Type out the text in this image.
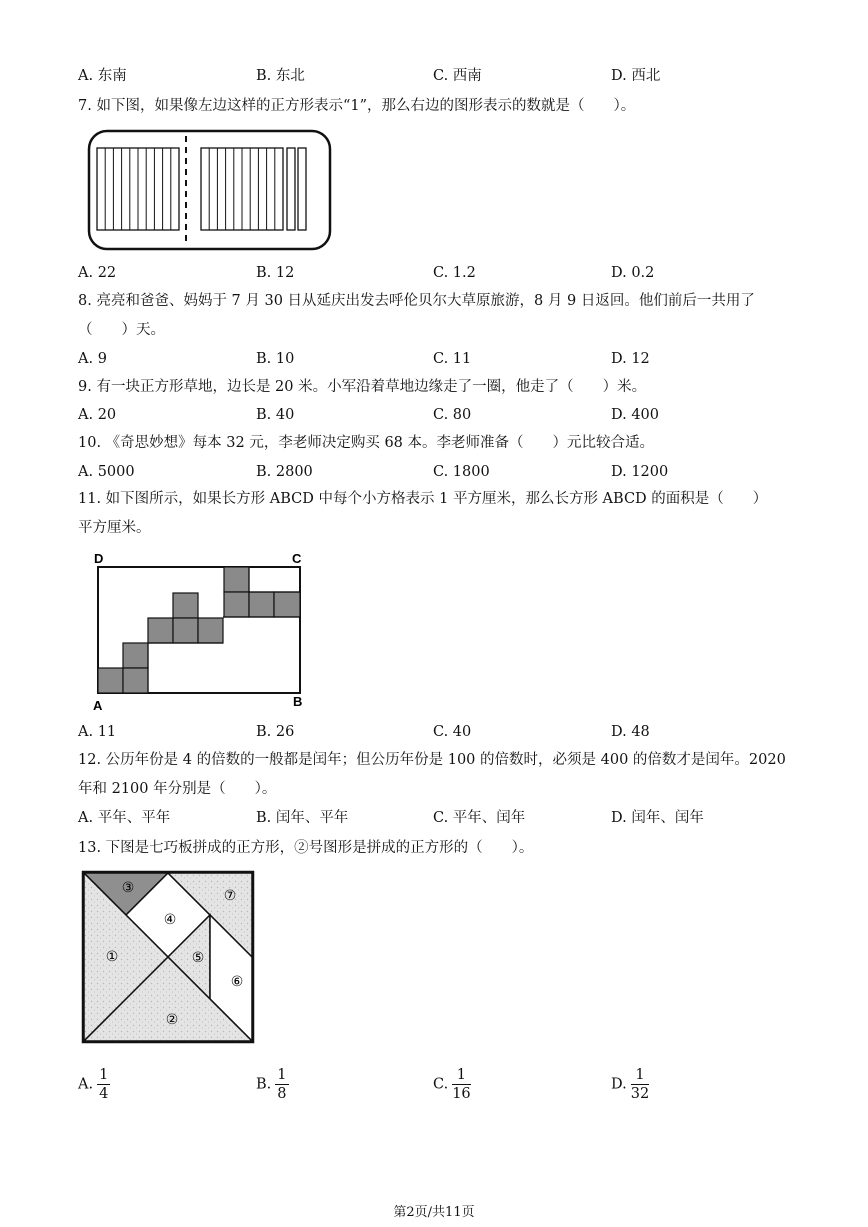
A. 东南	B. 东北	C. 西南	D. 西北
7. 如下图，如果像左边这样的正方形表示“1”，那么右边的图形表示的数就是（　　）。
A. 22	B. 12	C. 1.2	D. 0.2
8. 亮亮和爸爸、妈妈于 7 月 30 日从延庆出发去呼伦贝尔大草原旅游，8 月 9 日返回。他们前后一共用了
（　　）天。
A. 9	B. 10	C. 11	D. 12
9. 有一块正方形草地，边长是 20 米。小军沿着草地边缘走了一圈，他走了（　　）米。
A. 20	B. 40	C. 80	D. 400
10. 《奇思妙想》每本 32 元，李老师决定购买 68 本。李老师准备（　　）元比较合适。
A. 5000	B. 2800	C. 1800	D. 1200
11. 如下图所示，如果长方形 ABCD 中每个小方格表示 1 平方厘米，那么长方形 ABCD 的面积是（　　）
平方厘米。
D	C
A	B
A. 11	B. 26	C. 40	D. 48
12. 公历年份是 4 的倍数的一般都是闰年；但公历年份是 100 的倍数时，必须是 400 的倍数才是闰年。2020
年和 2100 年分别是（　　）。
A. 平年、平年	B. 闰年、平年	C. 平年、闰年	D. 闰年、闰年
13. 下图是七巧板拼成的正方形，②号图形是拼成的正方形的（　　）。
①
②
③
④
⑤
⑥
⑦
A. $\frac{1}{4}$	B. $\frac{1}{8}$	C. $\frac{1}{16}$	D. $\frac{1}{32}$
第2页/共11页
